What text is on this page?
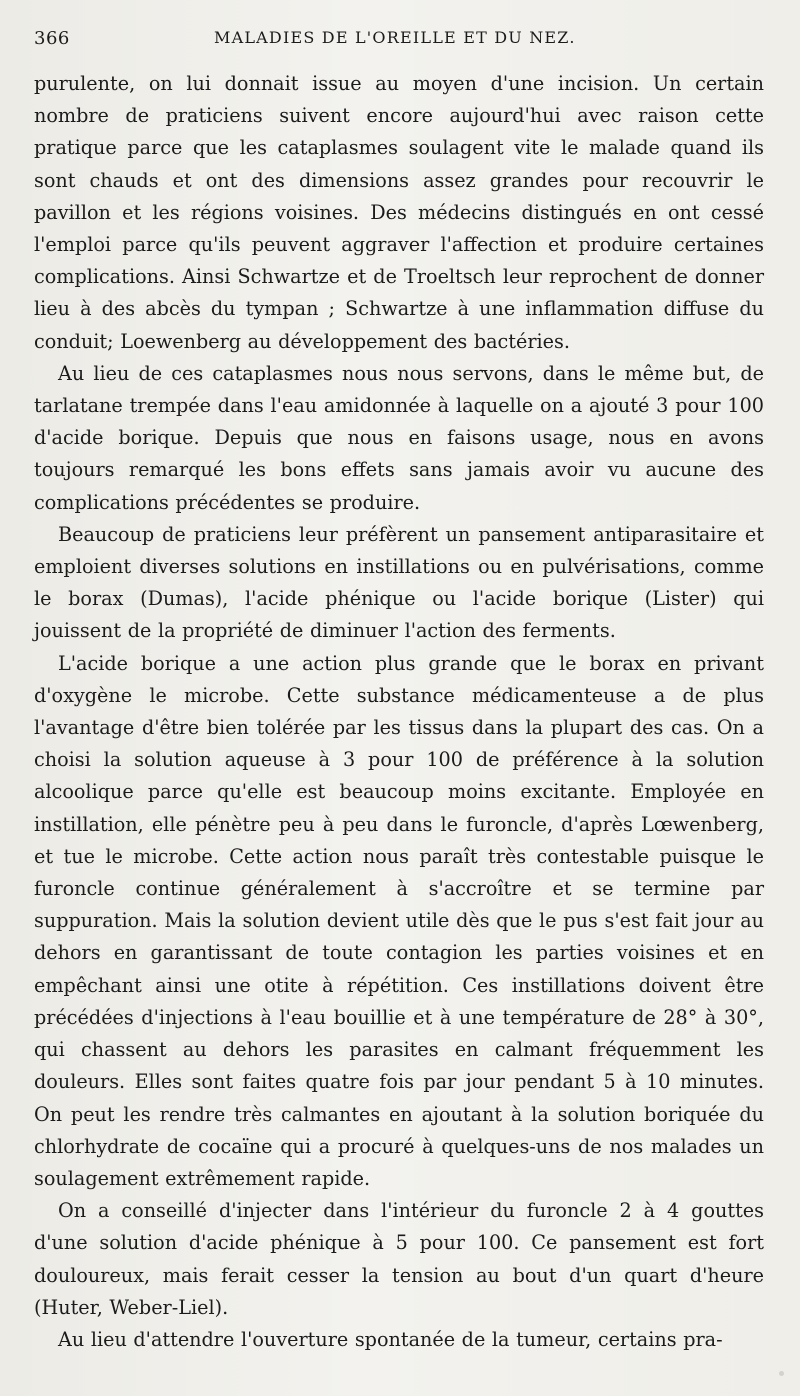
366	MALADIES DE L'OREILLE ET DU NEZ.

purulente, on lui donnait issue au moyen d'une incision. Un certain nombre de praticiens suivent encore aujourd'hui avec raison cette pratique parce que les cataplasmes soulagent vite le malade quand ils sont chauds et ont des dimensions assez grandes pour recouvrir le pavillon et les régions voisines. Des médecins distingués en ont cessé l'emploi parce qu'ils peuvent aggraver l'affection et produire certaines complications. Ainsi Schwartze et de Troeltsch leur reprochent de donner lieu à des abcès du tympan ; Schwartze à une inflammation diffuse du conduit; Loewenberg au développement des bactéries.

Au lieu de ces cataplasmes nous nous servons, dans le même but, de tarlatane trempée dans l'eau amidonnée à laquelle on a ajouté 3 pour 100 d'acide borique. Depuis que nous en faisons usage, nous en avons toujours remarqué les bons effets sans jamais avoir vu aucune des complications précédentes se produire.

Beaucoup de praticiens leur préfèrent un pansement antiparasitaire et emploient diverses solutions en instillations ou en pulvérisations, comme le borax (Dumas), l'acide phénique ou l'acide borique (Lister) qui jouissent de la propriété de diminuer l'action des ferments.

L'acide borique a une action plus grande que le borax en privant d'oxygène le microbe. Cette substance médicamenteuse a de plus l'avantage d'être bien tolérée par les tissus dans la plupart des cas. On a choisi la solution aqueuse à 3 pour 100 de préférence à la solution alcoolique parce qu'elle est beaucoup moins excitante. Employée en instillation, elle pénètre peu à peu dans le furoncle, d'après Lœwenberg, et tue le microbe. Cette action nous paraît très contestable puisque le furoncle continue généralement à s'accroître et se termine par suppuration. Mais la solution devient utile dès que le pus s'est fait jour au dehors en garantissant de toute contagion les parties voisines et en empêchant ainsi une otite à répétition. Ces instillations doivent être précédées d'injections à l'eau bouillie et à une température de 28° à 30°, qui chassent au dehors les parasites en calmant fréquemment les douleurs. Elles sont faites quatre fois par jour pendant 5 à 10 minutes. On peut les rendre très calmantes en ajoutant à la solution boriquée du chlorhydrate de cocaïne qui a procuré à quelques-uns de nos malades un soulagement extrêmement rapide.

On a conseillé d'injecter dans l'intérieur du furoncle 2 à 4 gouttes d'une solution d'acide phénique à 5 pour 100. Ce pansement est fort douloureux, mais ferait cesser la tension au bout d'un quart d'heure (Huter, Weber-Liel).

Au lieu d'attendre l'ouverture spontanée de la tumeur, certains pra-
